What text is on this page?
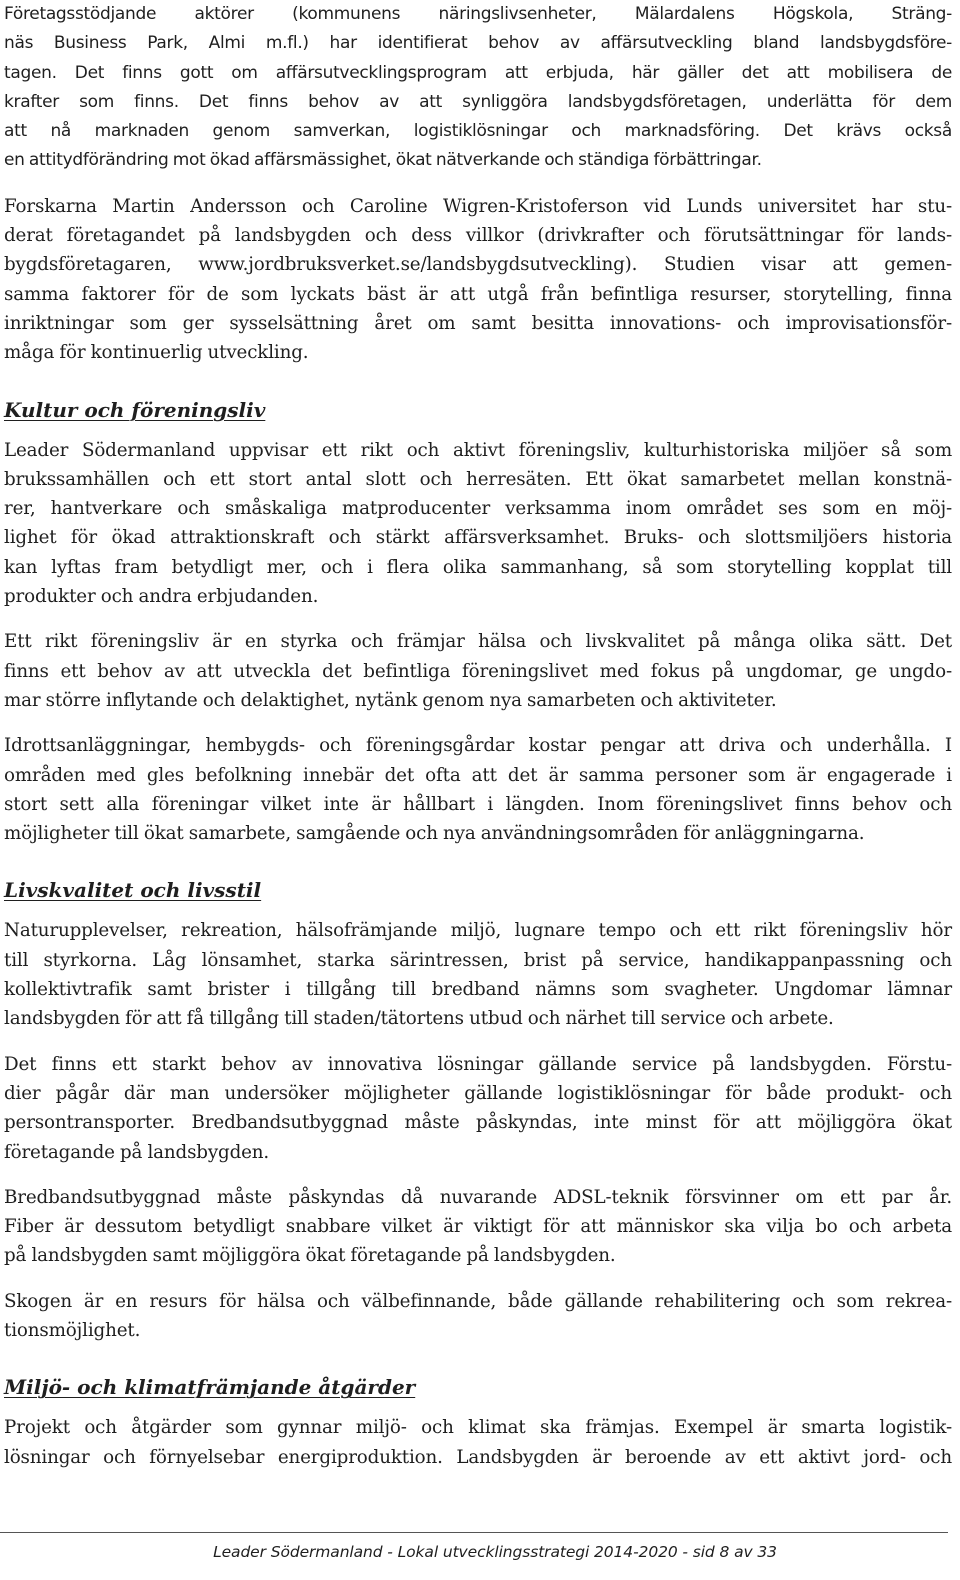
Företagsstödjande aktörer (kommunens näringslivsenheter, Mälardalens Högskola, Sträng-
näs Business Park, Almi m.fl.) har identifierat behov av affärsutveckling bland landsbygdsföre-
tagen. Det finns gott om affärsutvecklingsprogram att erbjuda, här gäller det att mobilisera de
krafter som finns. Det finns behov av att synliggöra landsbygdsföretagen, underlätta för dem
att nå marknaden genom samverkan, logistiklösningar och marknadsföring. Det krävs också
en attitydförändring mot ökad affärsmässighet, ökat nätverkande och ständiga förbättringar.

Forskarna Martin Andersson och Caroline Wigren-Kristoferson vid Lunds universitet har stu-
derat företagandet på landsbygden och dess villkor (drivkrafter och förutsättningar för lands-
bygdsföretagaren, www.jordbruksverket.se/landsbygdsutveckling). Studien visar att gemen-
samma faktorer för de som lyckats bäst är att utgå från befintliga resurser, storytelling, finna
inriktningar som ger sysselsättning året om samt besitta innovations- och improvisationsför-
måga för kontinuerlig utveckling.

Kultur och föreningsliv

Leader Södermanland uppvisar ett rikt och aktivt föreningsliv, kulturhistoriska miljöer så som
brukssamhällen och ett stort antal slott och herresäten. Ett ökat samarbetet mellan konstnä-
rer, hantverkare och småskaliga matproducenter verksamma inom området ses som en möj-
lighet för ökad attraktionskraft och stärkt affärsverksamhet. Bruks- och slottsmiljöers historia
kan lyftas fram betydligt mer, och i flera olika sammanhang, så som storytelling kopplat till
produkter och andra erbjudanden.

Ett rikt föreningsliv är en styrka och främjar hälsa och livskvalitet på många olika sätt. Det
finns ett behov av att utveckla det befintliga föreningslivet med fokus på ungdomar, ge ungdo-
mar större inflytande och delaktighet, nytänk genom nya samarbeten och aktiviteter.

Idrottsanläggningar, hembygds- och föreningsgårdar kostar pengar att driva och underhålla. I
områden med gles befolkning innebär det ofta att det är samma personer som är engagerade i
stort sett alla föreningar vilket inte är hållbart i längden. Inom föreningslivet finns behov och
möjligheter till ökat samarbete, samgående och nya användningsområden för anläggningarna.

Livskvalitet och livsstil

Naturupplevelser, rekreation, hälsofrämjande miljö, lugnare tempo och ett rikt föreningsliv hör
till styrkorna. Låg lönsamhet, starka särintressen, brist på service, handikappanpassning och
kollektivtrafik samt brister i tillgång till bredband nämns som svagheter. Ungdomar lämnar
landsbygden för att få tillgång till staden/tätortens utbud och närhet till service och arbete.

Det finns ett starkt behov av innovativa lösningar gällande service på landsbygden. Förstu-
dier pågår där man undersöker möjligheter gällande logistiklösningar för både produkt- och
persontransporter. Bredbandsutbyggnad måste påskyndas, inte minst för att möjliggöra ökat
företagande på landsbygden.

Bredbandsutbyggnad måste påskyndas då nuvarande ADSL-teknik försvinner om ett par år.
Fiber är dessutom betydligt snabbare vilket är viktigt för att människor ska vilja bo och arbeta
på landsbygden samt möjliggöra ökat företagande på landsbygden.

Skogen är en resurs för hälsa och välbefinnande, både gällande rehabilitering och som rekrea-
tionsmöjlighet.

Miljö- och klimatfrämjande åtgärder

Projekt och åtgärder som gynnar miljö- och klimat ska främjas. Exempel är smarta logistik-
lösningar och förnyelsebar energiproduktion. Landsbygden är beroende av ett aktivt jord- och

Leader Södermanland - Lokal utvecklingsstrategi 2014-2020 - sid 8 av 33
